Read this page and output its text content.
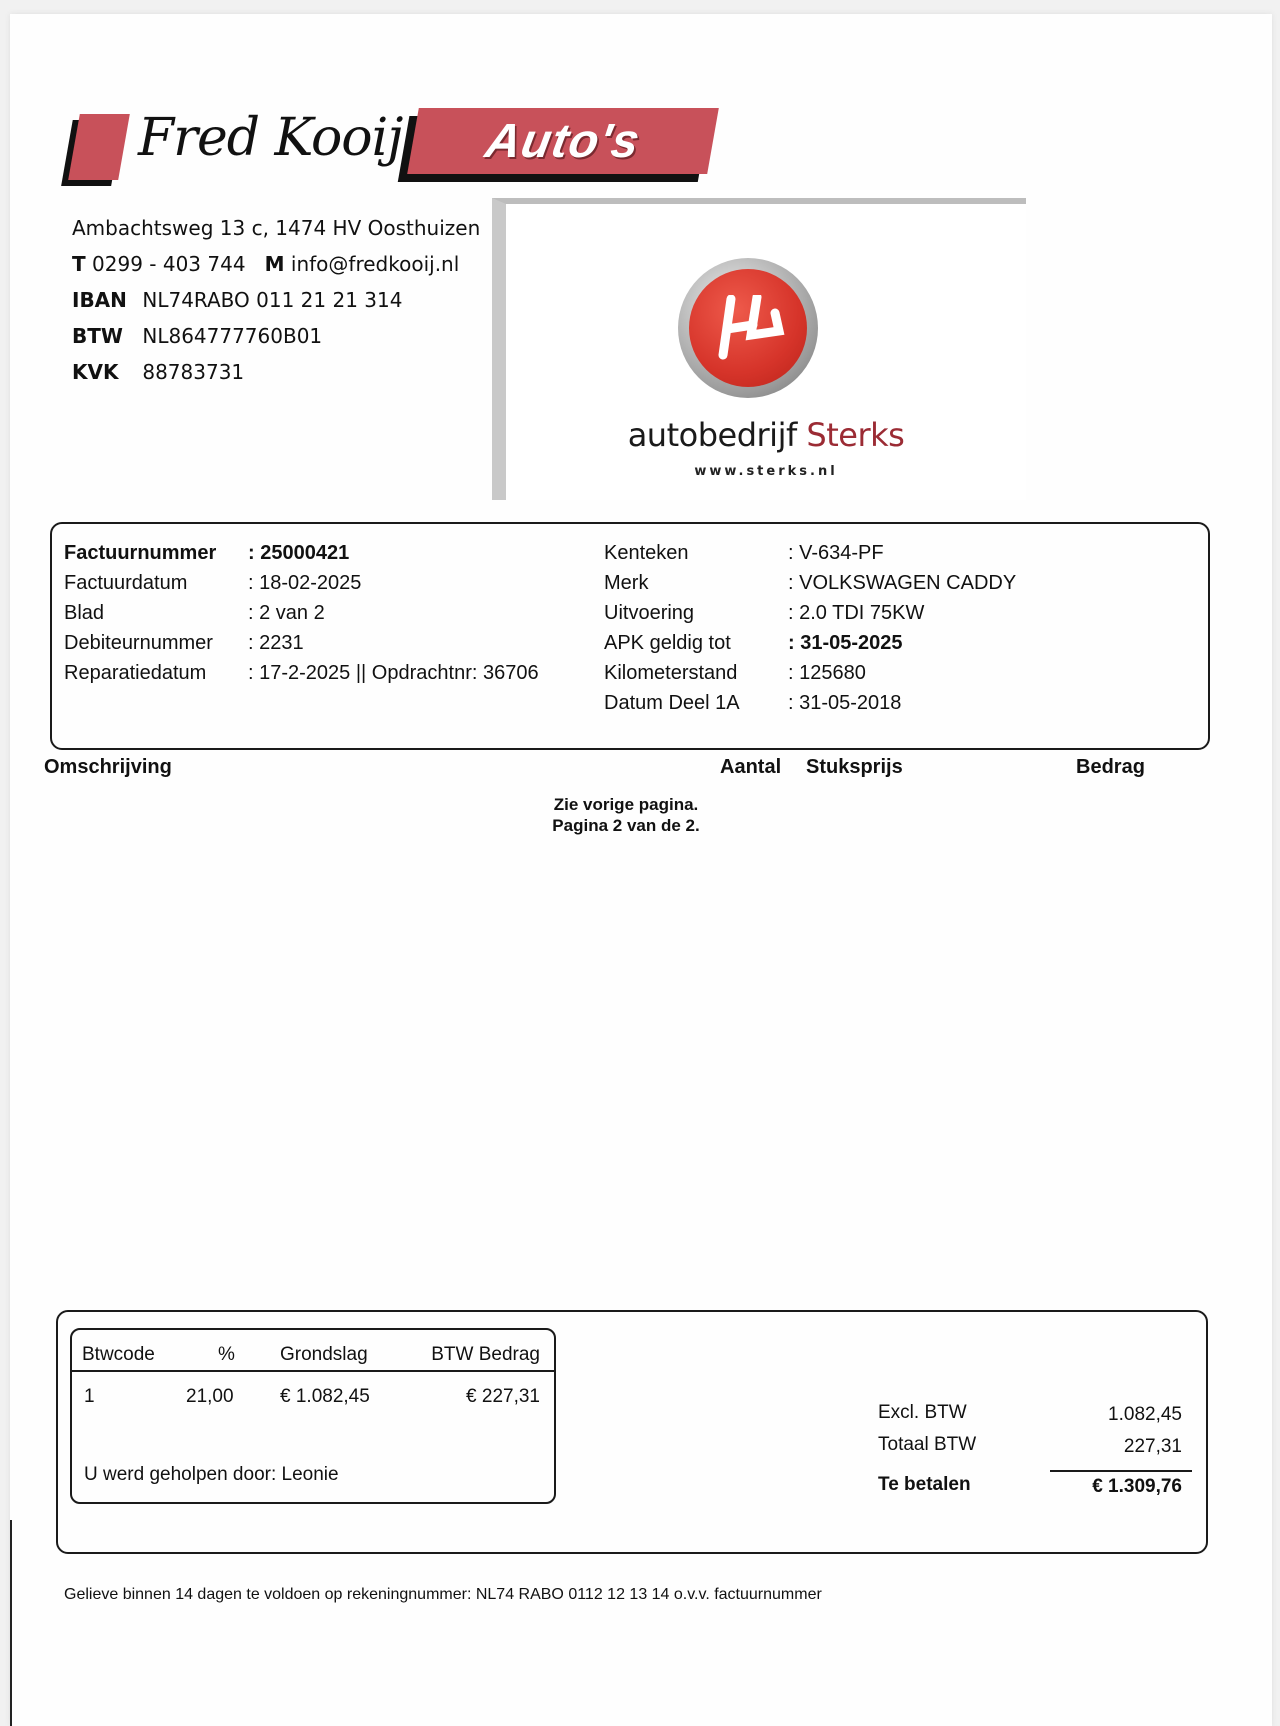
Fred Kooij	Auto's
Ambachtsweg 13 c, 1474 HV Oosthuizen
T 0299 - 403 744 M info@fredkooij.nl
IBAN NL74RABO 011 21 21 314
BTW NL864777760B01
KVK 88783731
autobedrijf Sterks
www.sterks.nl
Factuurnummer	: 25000421
Factuurdatum	: 18-02-2025
Blad	: 2 van 2
Debiteurnummer	: 2231
Reparatiedatum	: 17-2-2025 || Opdrachtnr: 36706
Kenteken	: V-634-PF
Merk	: VOLKSWAGEN CADDY
Uitvoering	: 2.0 TDI 75KW
APK geldig tot	: 31-05-2025
Kilometerstand	: 125680
Datum Deel 1A	: 31-05-2018
Omschrijving	Aantal Stuksprijs	Bedrag
Zie vorige pagina.
Pagina 2 van de 2.
Btwcode	% Grondslag	BTW Bedrag
1	21,00 € 1.082,45	€ 227,31
U werd geholpen door: Leonie
Excl. BTW	1.082,45
Totaal BTW	227,31
Te betalen	€ 1.309,76
Gelieve binnen 14 dagen te voldoen op rekeningnummer: NL74 RABO 0112 12 13 14 o.v.v. factuurnummer
